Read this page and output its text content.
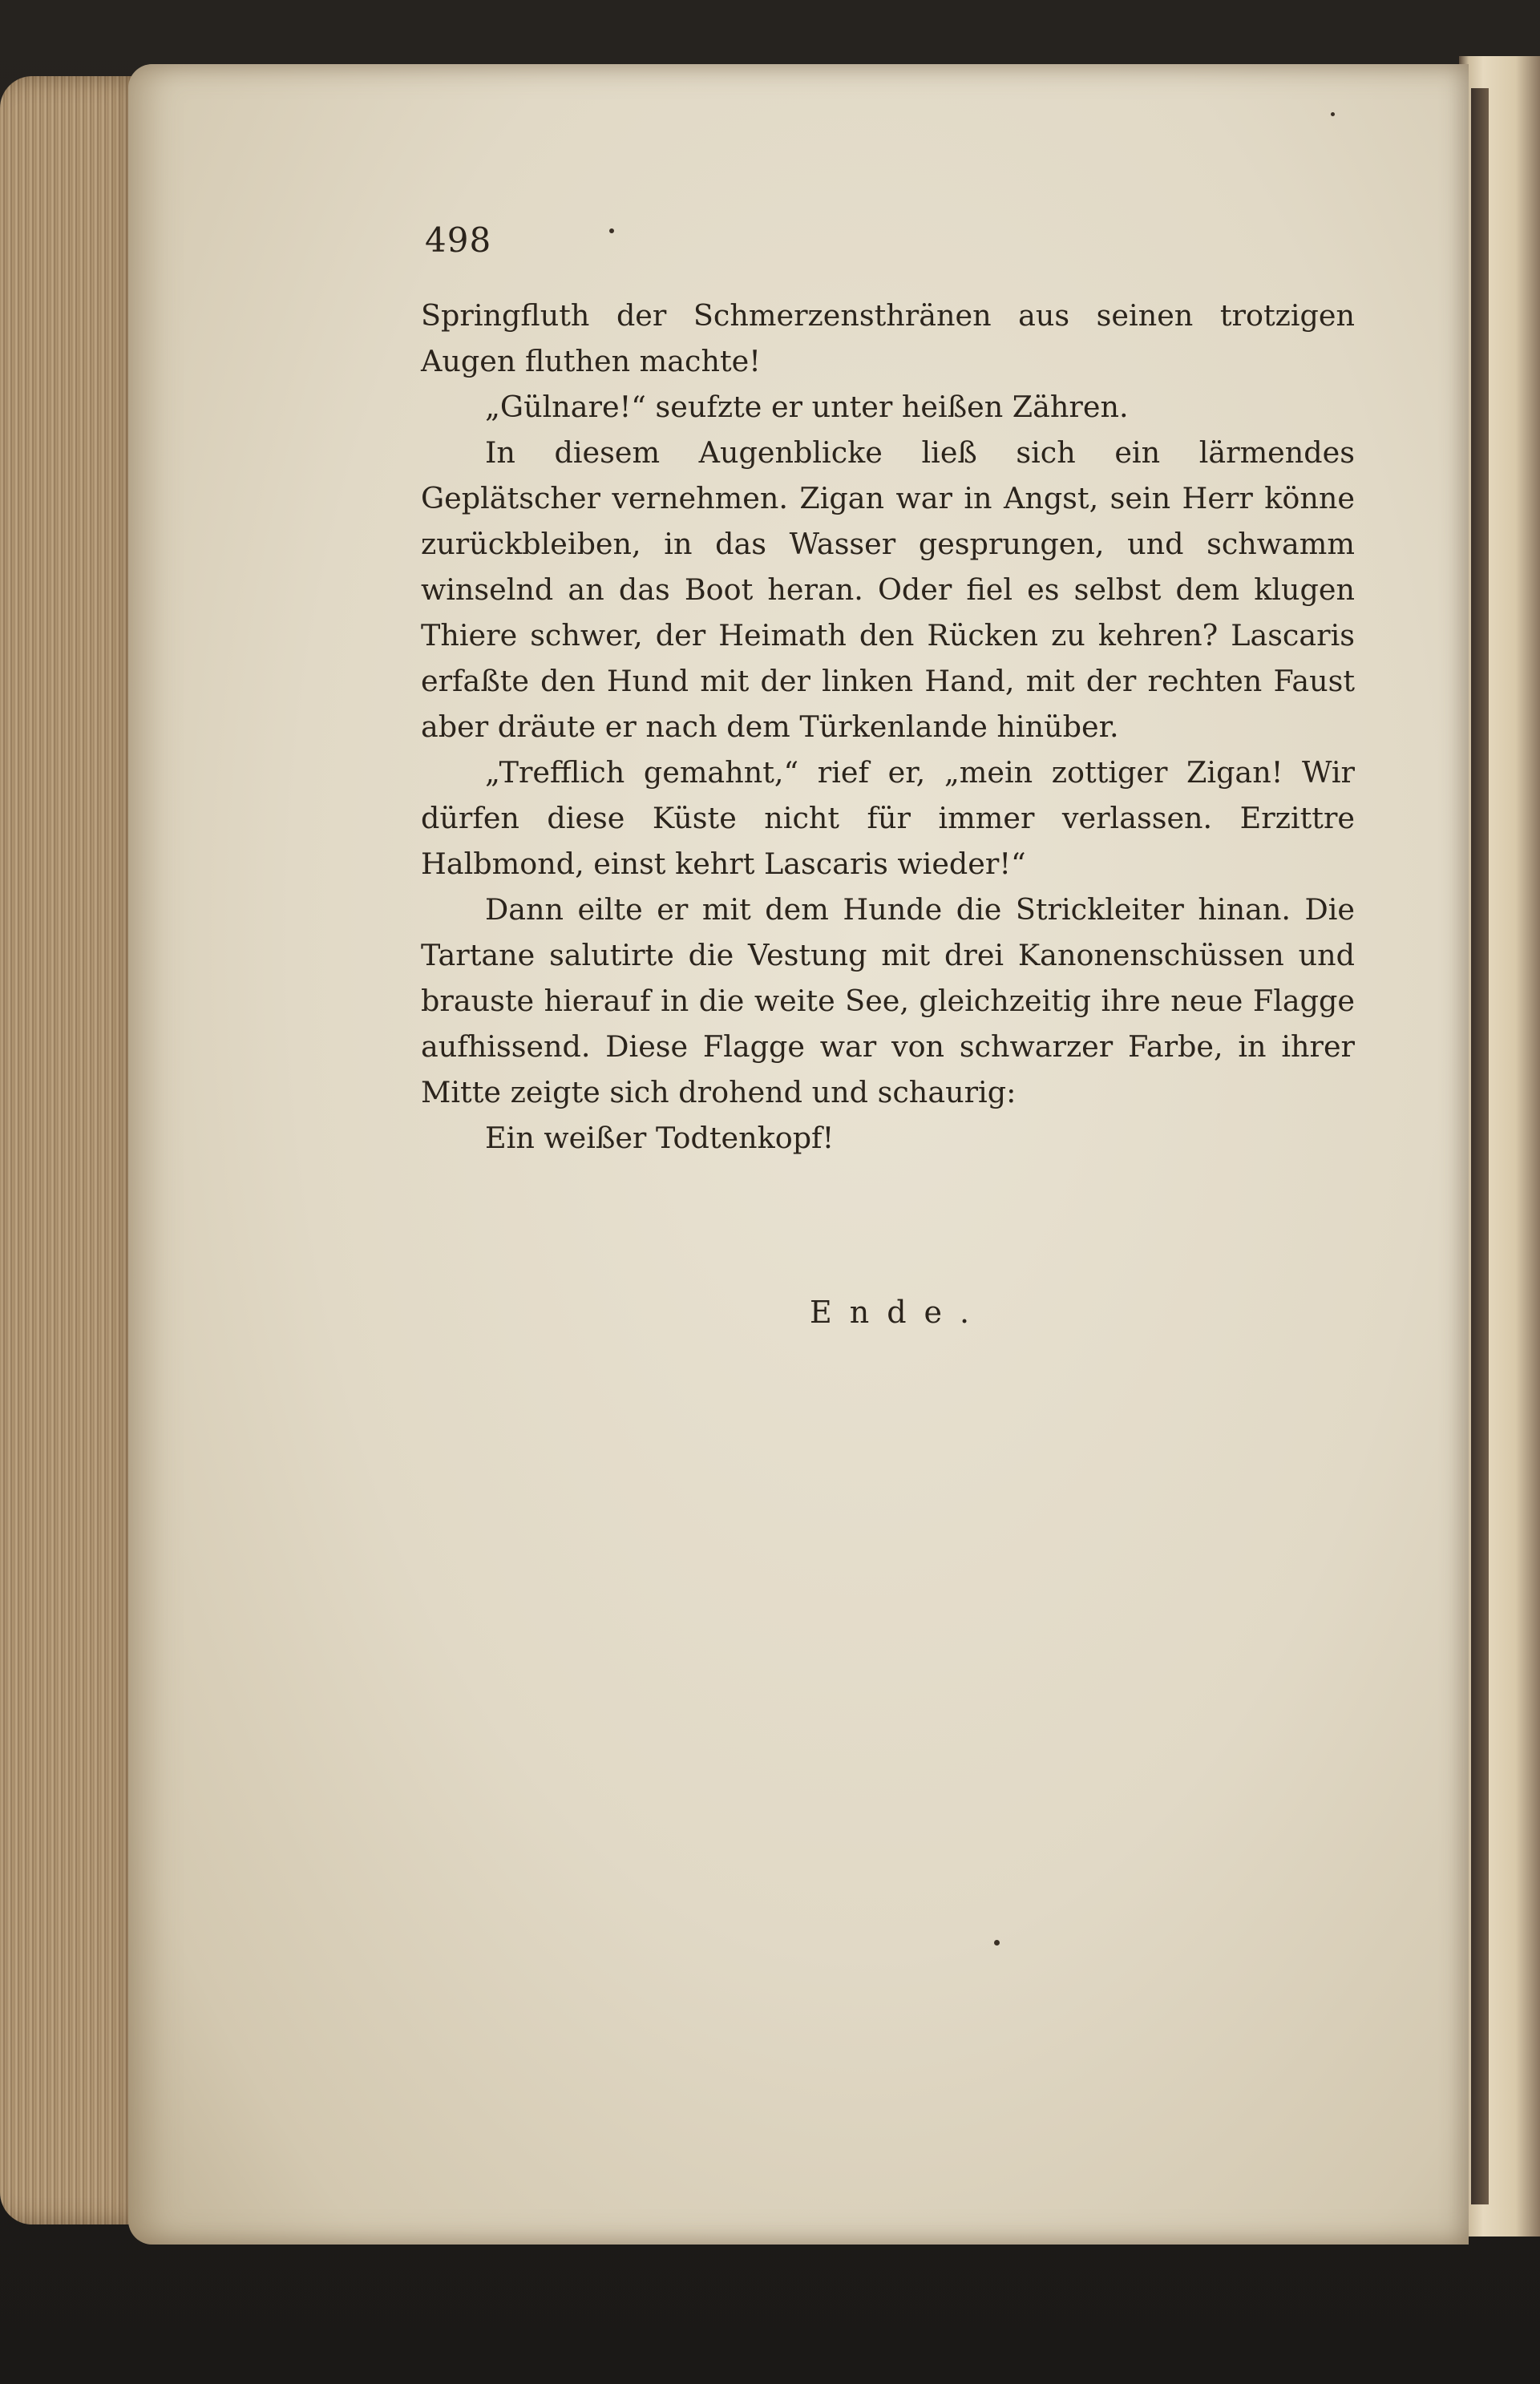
498

Springfluth der Schmerzensthränen aus seinen trotzigen Augen fluthen machte!

„Gülnare!“ seufzte er unter heißen Zähren.

In diesem Augenblicke ließ sich ein lärmendes Geplätscher vernehmen. Zigan war in Angst, sein Herr könne zurückbleiben, in das Wasser gesprungen, und schwamm winselnd an das Boot heran. Oder fiel es selbst dem klugen Thiere schwer, der Heimath den Rücken zu kehren? Lascaris erfaßte den Hund mit der linken Hand, mit der rechten Faust aber dräute er nach dem Türkenlande hinüber.

„Trefflich gemahnt,“ rief er, „mein zottiger Zigan! Wir dürfen diese Küste nicht für immer verlassen. Erzittre Halbmond, einst kehrt Lascaris wieder!“

Dann eilte er mit dem Hunde die Strickleiter hinan. Die Tartane salutirte die Vestung mit drei Kanonenschüssen und brauste hierauf in die weite See, gleichzeitig ihre neue Flagge aufhissend. Diese Flagge war von schwarzer Farbe, in ihrer Mitte zeigte sich drohend und schaurig:

Ein weißer Todtenkopf!

Ende.
